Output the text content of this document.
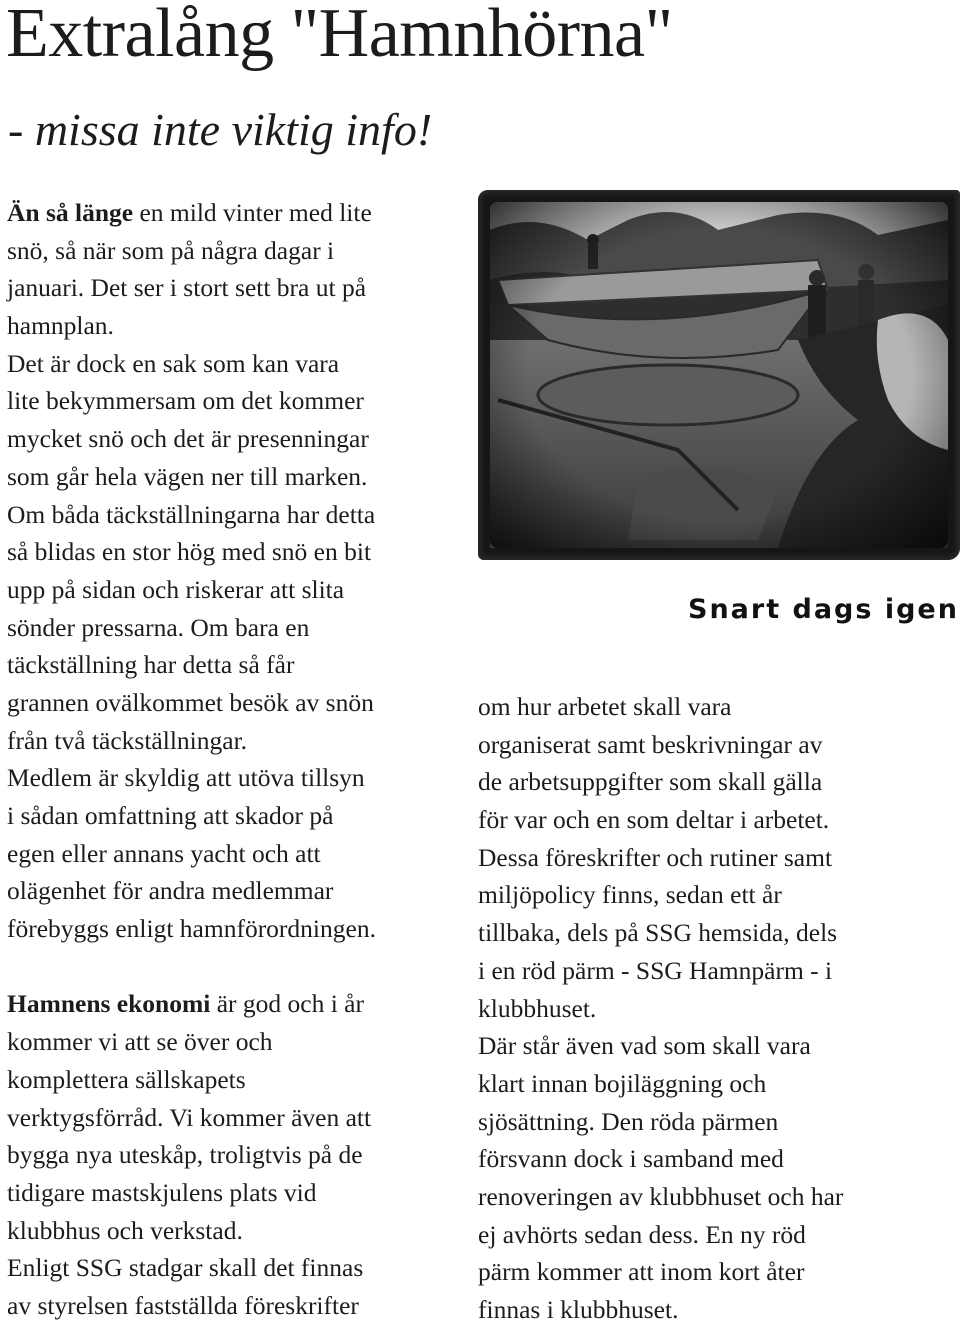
Extralång "Hamnhörna"
- missa inte viktig info!
Än så länge en mild vinter med lite
snö, så när som på några dagar i
januari. Det ser i stort sett bra ut på
hamnplan.
Det är dock en sak som kan vara
lite bekymmersam om det kommer
mycket snö och det är presenningar
som går hela vägen ner till marken.
Om båda täckställningarna har detta
så blidas en stor hög med snö en bit
upp på sidan och riskerar att slita
sönder pressarna. Om bara en
täckställning har detta så får
grannen ovälkommet besök av snön
från två täckställningar.
Medlem är skyldig att utöva tillsyn
i sådan omfattning att skador på
egen eller annans yacht och att
olägenhet för andra medlemmar
förebyggs enligt hamnförordningen.
Hamnens ekonomi är god och i år
kommer vi att se över och
komplettera sällskapets
verktygsförråd. Vi kommer även att
bygga nya uteskåp, troligtvis på de
tidigare mastskjulens plats vid
klubbhus och verkstad.
Enligt SSG stadgar skall det finnas
av styrelsen fastställda föreskrifter

Snart dags igen

om hur arbetet skall vara
organiserat samt beskrivningar av
de arbetsuppgifter som skall gälla
för var och en som deltar i arbetet.
Dessa föreskrifter och rutiner samt
miljöpolicy finns, sedan ett år
tillbaka, dels på SSG hemsida, dels
i en röd pärm - SSG Hamnpärm - i
klubbhuset.
Där står även vad som skall vara
klart innan bojiläggning och
sjösättning. Den röda pärmen
försvann dock i samband med
renoveringen av klubbhuset och har
ej avhörts sedan dess. En ny röd
pärm kommer att inom kort åter
finnas i klubbhuset.
